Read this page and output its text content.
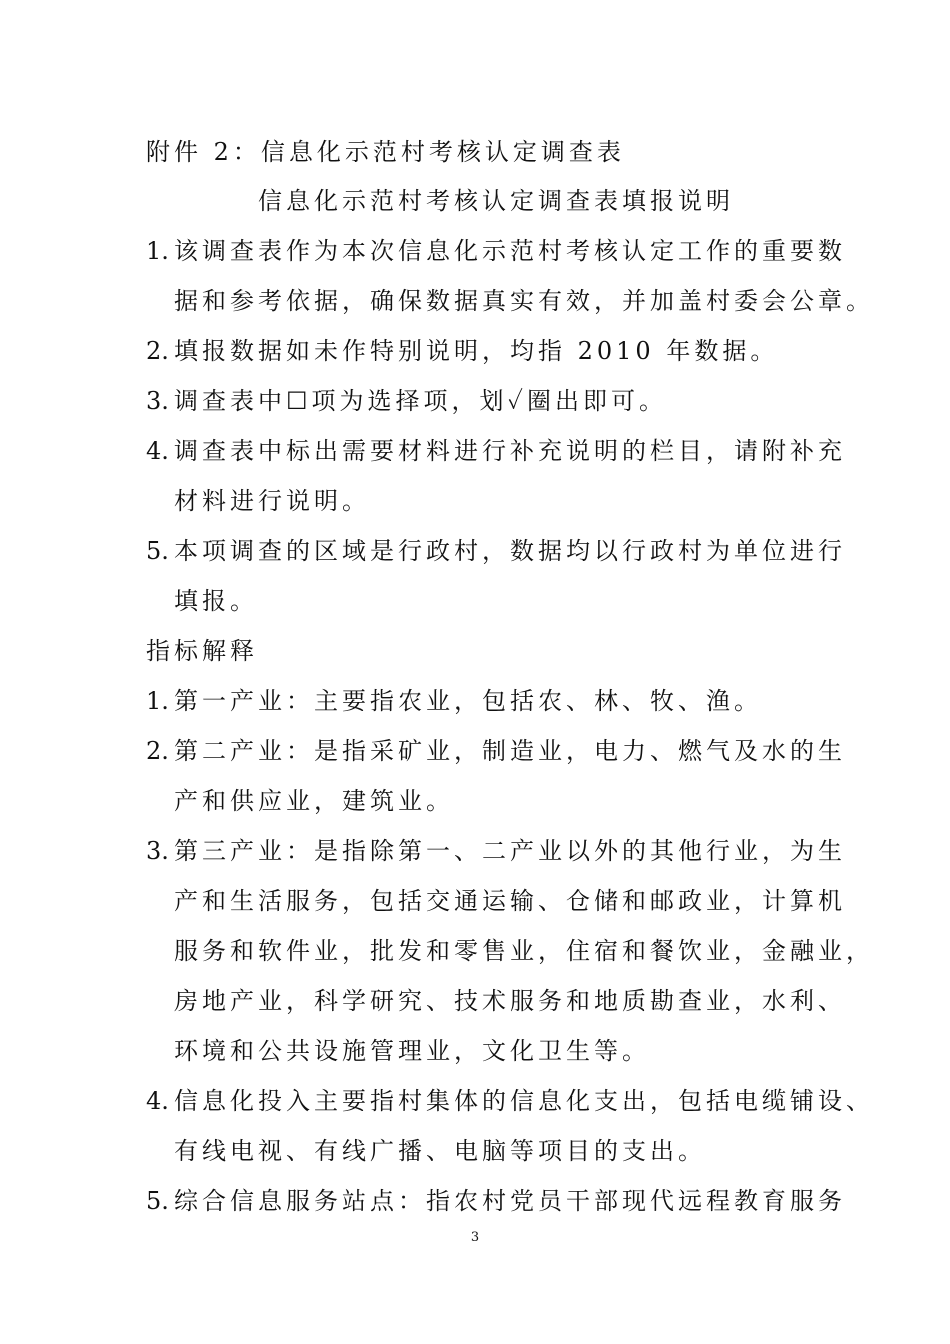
附件 2：信息化示范村考核认定调查表
信息化示范村考核认定调查表填报说明
1. 该调查表作为本次信息化示范村考核认定工作的重要数
据和参考依据，确保数据真实有效，并加盖村委会公章。
2. 填报数据如未作特别说明，均指 2010 年数据。
3. 调查表中☐项为选择项，划✓圈出即可。
4. 调查表中标出需要材料进行补充说明的栏目，请附补充
材料进行说明。
5. 本项调查的区域是行政村，数据均以行政村为单位进行
填报。
指标解释
1. 第一产业：主要指农业，包括农、林、牧、渔。
2. 第二产业：是指采矿业，制造业，电力、燃气及水的生
产和供应业，建筑业。
3. 第三产业：是指除第一、二产业以外的其他行业，为生
产和生活服务，包括交通运输、仓储和邮政业，计算机
服务和软件业，批发和零售业，住宿和餐饮业，金融业，
房地产业，科学研究、技术服务和地质勘查业，水利、
环境和公共设施管理业，文化卫生等。
4. 信息化投入主要指村集体的信息化支出，包括电缆铺设、
有线电视、有线广播、电脑等项目的支出。
5. 综合信息服务站点：指农村党员干部现代远程教育服务
3
